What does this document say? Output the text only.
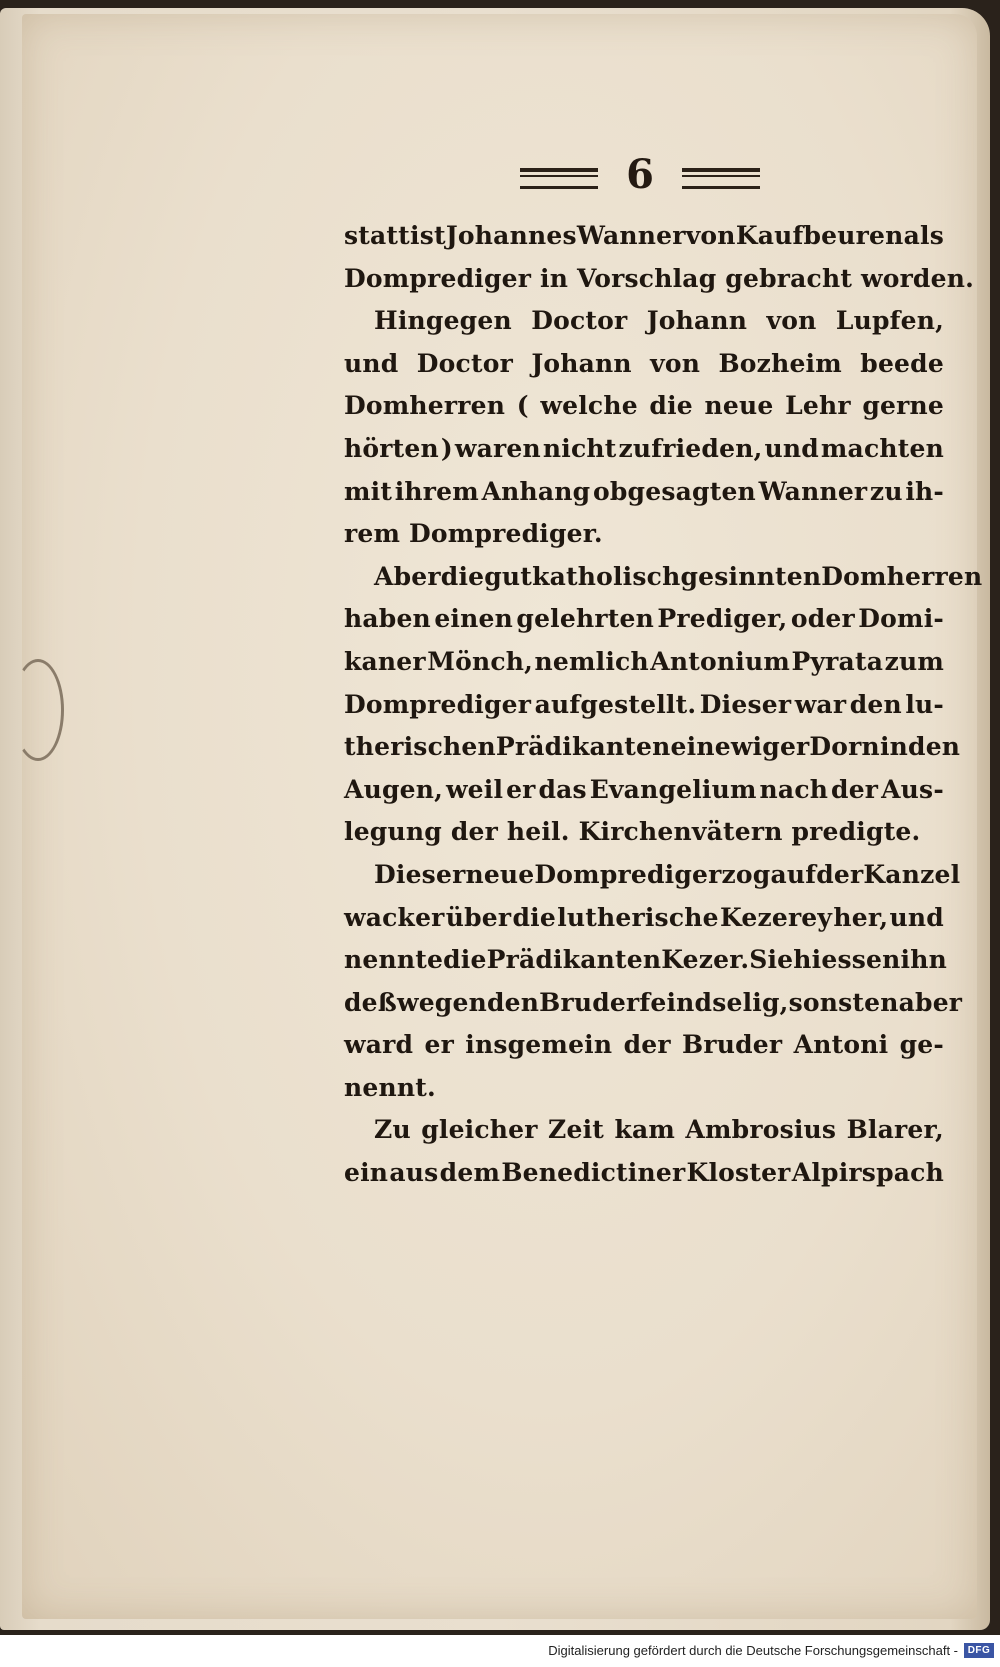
6
statt ist Johannes Wanner von Kaufbeuren als
Domprediger in Vorschlag gebracht worden.
Hingegen Doctor Johann von Lupfen,
und Doctor Johann von Bozheim beede
Domherren ( welche die neue Lehr gerne
hörten ) waren nicht zufrieden, und machten
mit ihrem Anhang obgesagten Wanner zu ih-
rem Domprediger.
Aber die gut katholisch gesinnten Domherren
haben einen gelehrten Prediger, oder Domi-
kaner Mönch, nemlich Antonium Pyrata zum
Domprediger aufgestellt. Dieser war den lu-
therischen Prädikanten ein ewiger Dorn in den
Augen, weil er das Evangelium nach der Aus-
legung der heil. Kirchenvätern predigte.
Dieser neue Domprediger zog auf der Kanzel
wacker über die lutherische Kezerey her, und
nennte die Prädikanten Kezer. Sie hiessen ihn
deßwegen den Bruder feindselig, sonsten aber
ward er insgemein der Bruder Antoni ge-
nennt.
Zu gleicher Zeit kam Ambrosius Blarer,
ein aus dem Benedictiner Kloster Alpirspach
Digitalisierung gefördert durch die Deutsche Forschungsgemeinschaft - DFG
